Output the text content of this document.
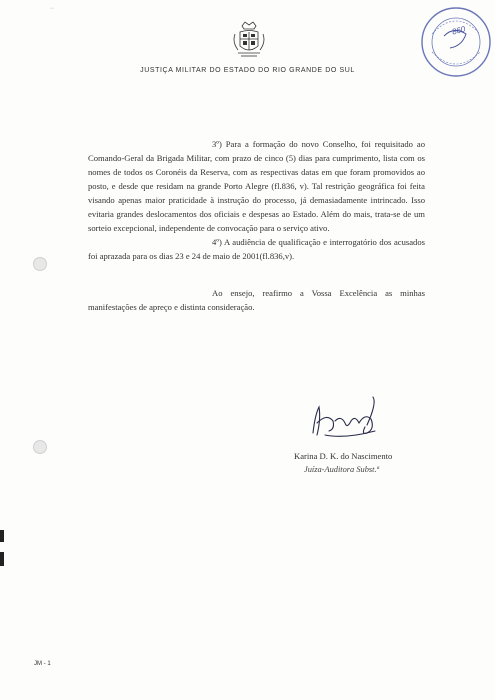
··
JUSTIÇA MILITAR DO ESTADO DO RIO GRANDE DO SUL
860

3º) Para a formação do novo Conselho, foi requisitado ao Comando-Geral da Brigada Militar, com prazo de cinco (5) dias para cumprimento, lista com os nomes de todos os Coronéis da Reserva, com as respectivas datas em que foram promovidos ao posto, e desde que residam na grande Porto Alegre (fl.836, v). Tal restrição geográfica foi feita visando apenas maior praticidade à instrução do processo, já demasiadamente intrincado. Isso evitaria grandes deslocamentos dos oficiais e despesas ao Estado. Além do mais, trata-se de um sorteio excepcional, independente de convocação para o serviço ativo.

4º) A audiência de qualificação e interrogatório dos acusados foi aprazada para os dias 23 e 24 de maio de 2001(fl.836,v).

Ao ensejo, reafirmo a Vossa Excelência as minhas manifestações de apreço e distinta consideração.

Karina D. K. do Nascimento
Juíza-Auditora Subst.ª
JM - 1
